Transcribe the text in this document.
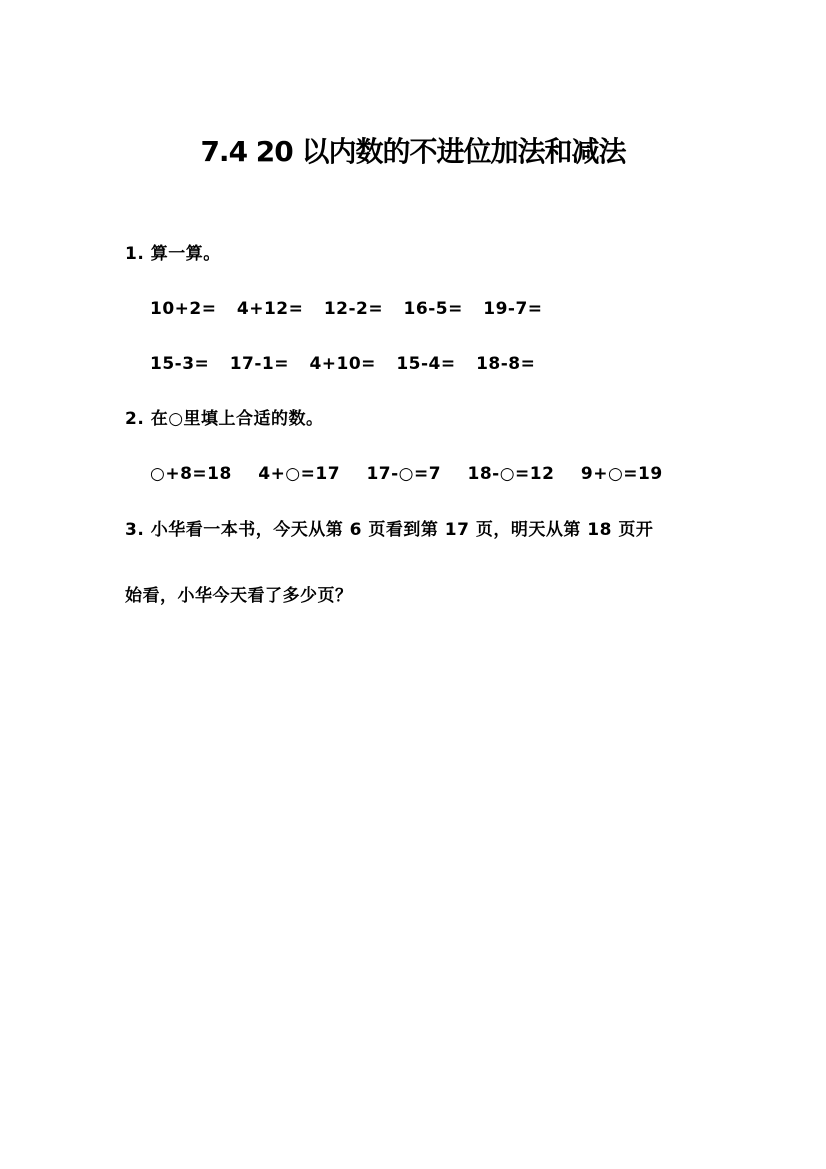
7.4 20 以内数的不进位加法和减法
1. 算一算。
10+2= 4+12= 12-2= 16-5= 19-7=
15-3= 17-1= 4+10= 15-4= 18-8=
2. 在○里填上合适的数。
○+8=18 4+○=17 17-○=7 18-○=12 9+○=19
3. 小华看一本书，今天从第 6 页看到第 17 页，明天从第 18 页开
始看，小华今天看了多少页？
